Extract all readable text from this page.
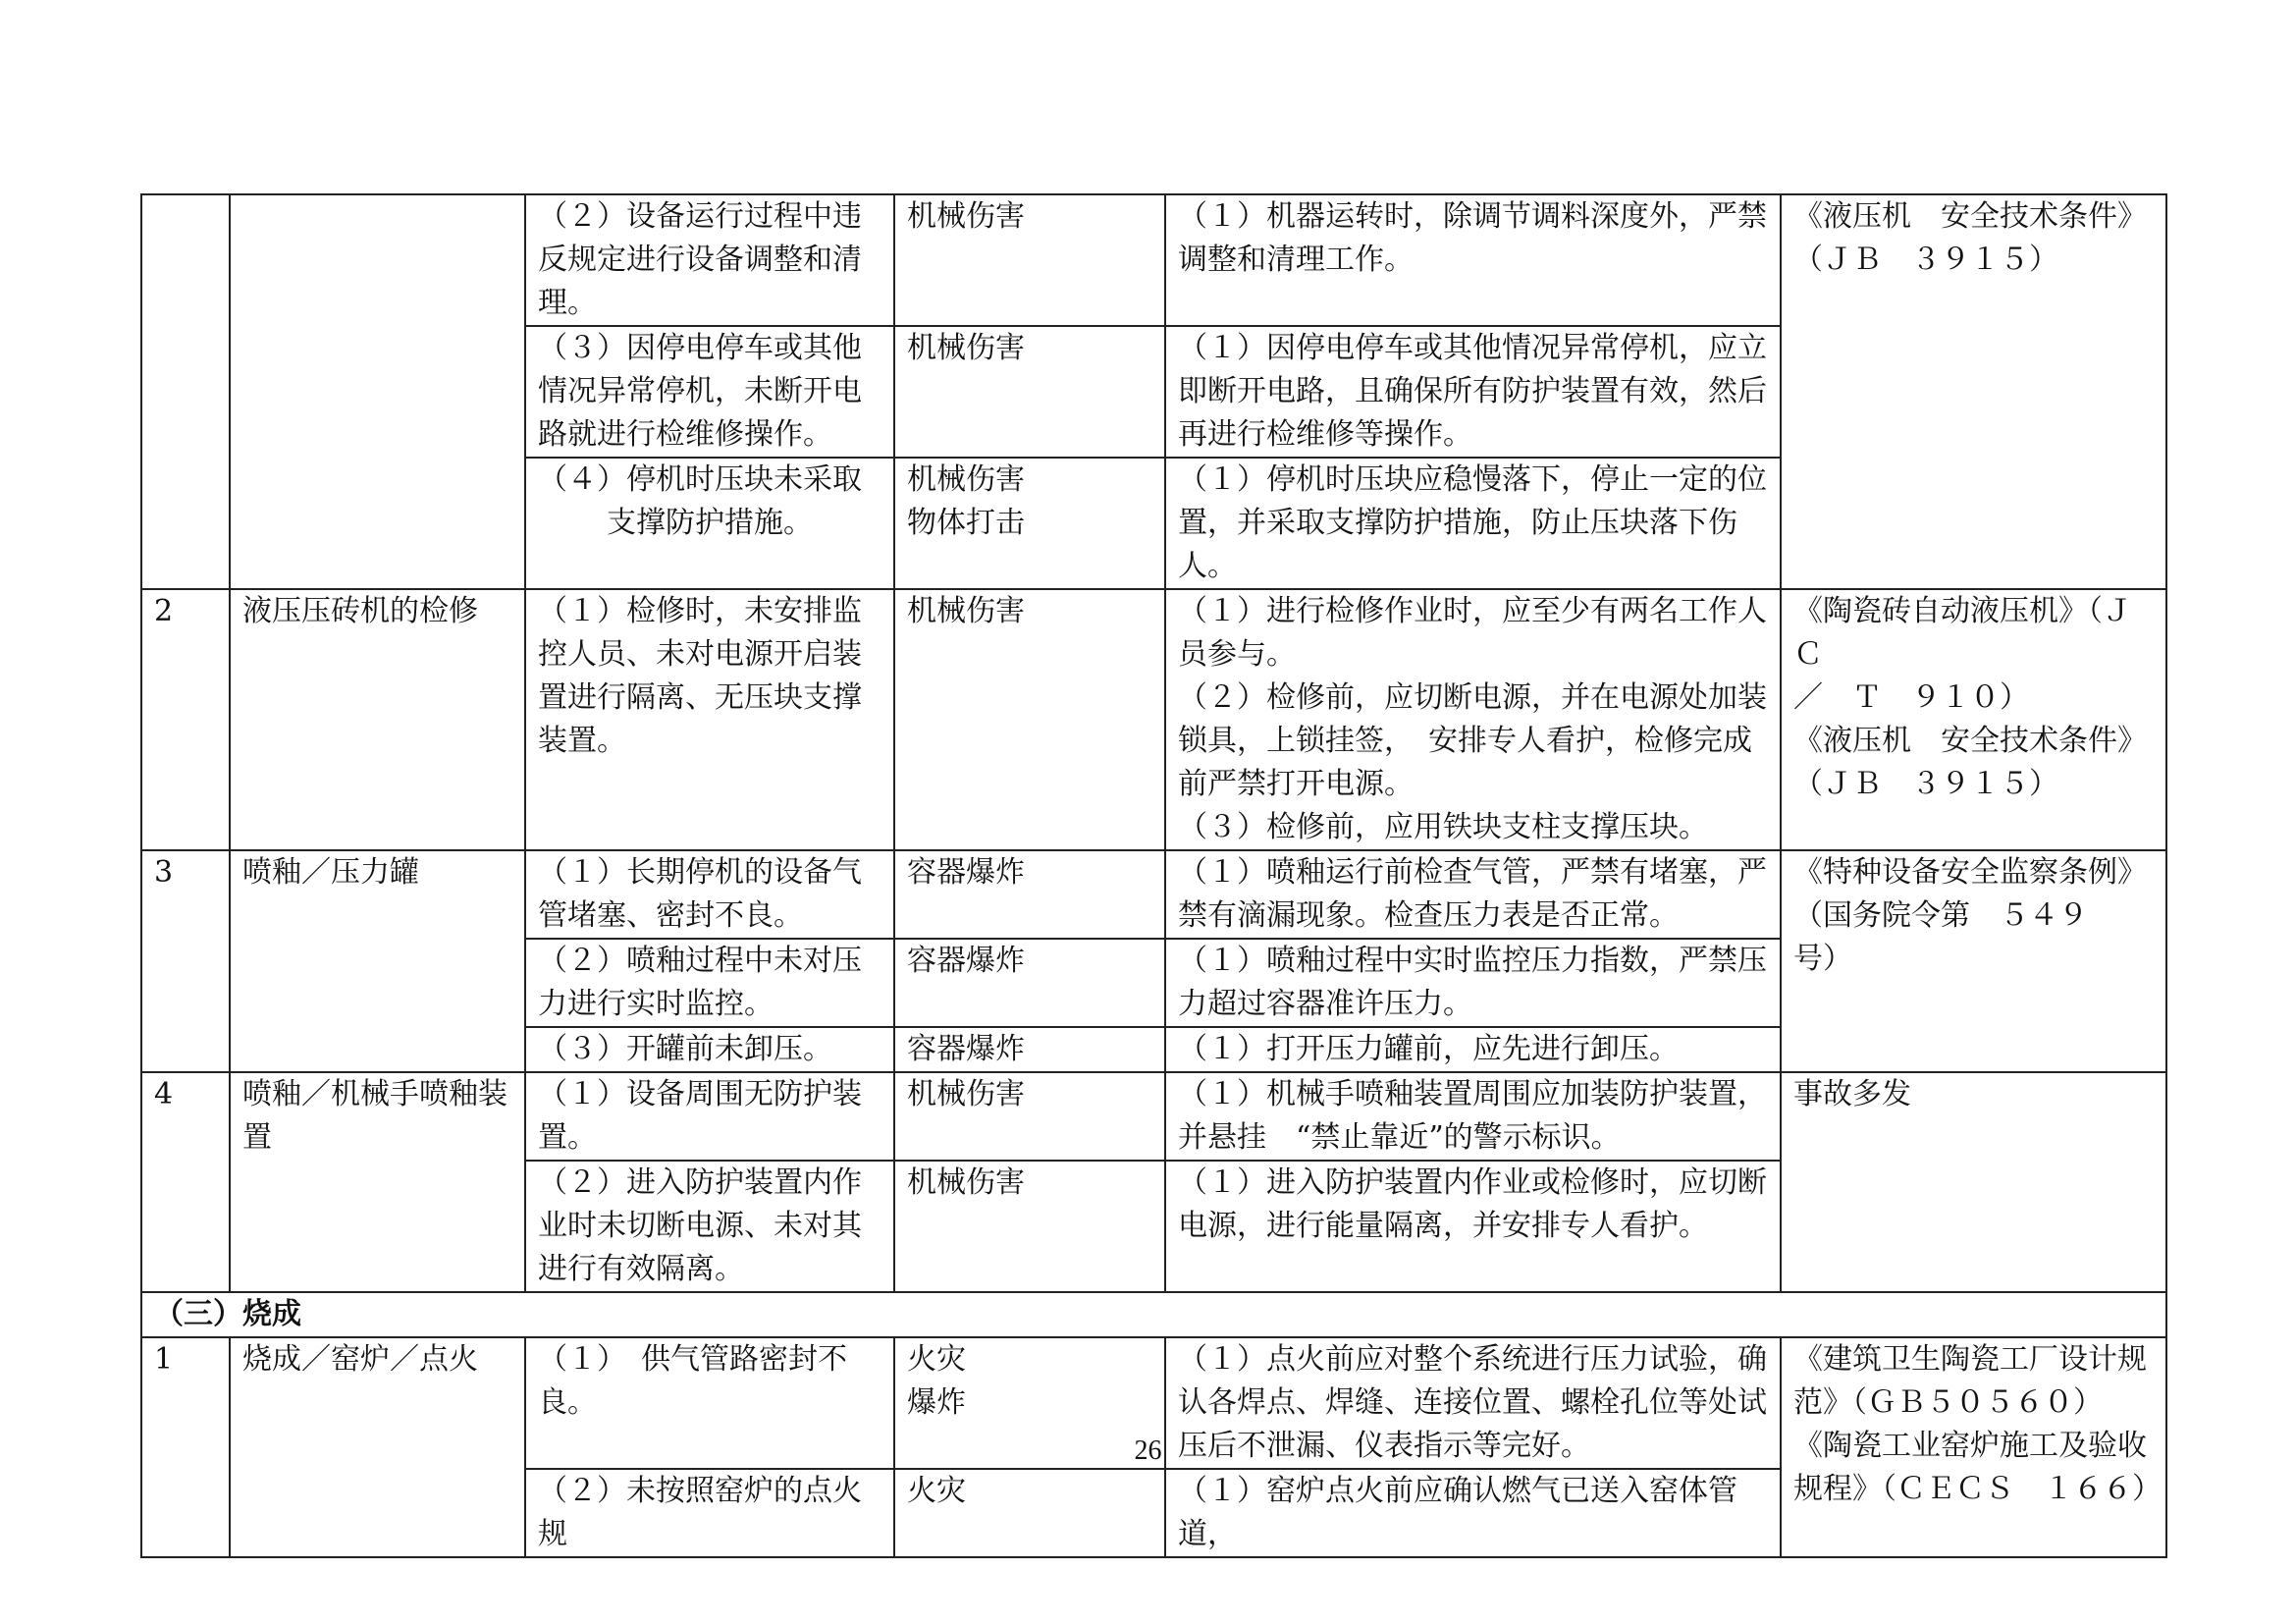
		（２）设备运行过程中违反规定进行设备调整和清理。	机械伤害	（１）机器运转时，除调节调料深度外，严禁调整和清理工作。	《液压机　安全技术条件》
（ＪＢ　３９１５）

		（３）因停电停车或其他情况异常停机，未断开电路就进行检维修操作。	机械伤害	（１）因停电停车或其他情况异常停机，应立即断开电路，且确保所有防护装置有效，然后再进行检维修等操作。	

		（４）停机时压块未采取
支撑防护措施。	机械伤害
物体打击	（１）停机时压块应稳慢落下，停止一定的位置，并采取支撑防护措施，防止压块落下伤人。	
2	液压压砖机的检修	（１）检修时，未安排监控人员、未对电源开启装置进行隔离、无压块支撑装置。	机械伤害	（１）进行检修作业时，应至少有两名工作人员参与。
（２）检修前，应切断电源，并在电源处加装锁具，上锁挂签，　安排专人看护，检修完成前严禁打开电源。
（３）检修前，应用铁块支柱支撑压块。	《陶瓷砖自动液压机》（ＪＣ
／　Ｔ　９１０）
《液压机　安全技术条件》
（ＪＢ　３９１５）

3	喷釉／压力罐	（１）长期停机的设备气管堵塞、密封不良。	容器爆炸	（１）喷釉运行前检查气管，严禁有堵塞，严禁有滴漏现象。检查压力表是否正常。	《特种设备安全监察条例》
（国务院令第　５４９　号）

		（２）喷釉过程中未对压力进行实时监控。	容器爆炸	（１）喷釉过程中实时监控压力指数，严禁压力超过容器准许压力。	
		（３）开罐前未卸压。	容器爆炸	（１）打开压力罐前，应先进行卸压。	
4	喷釉／机械手喷釉装置	（１）设备周围无防护装置。	机械伤害	（１）机械手喷釉装置周围应加装防护装置，并悬挂　“禁止靠近”的警示标识。	事故多发
		（２）进入防护装置内作业时未切断电源、未对其进行有效隔离。	机械伤害	（１）进入防护装置内作业或检修时，应切断电源，进行能量隔离，并安排专人看护。	
（三）烧成					
1	烧成／窑炉／点火	（１）　供气管路密封不良。	火灾
爆炸	（１）点火前应对整个系统进行压力试验，确认各焊点、焊缝、连接位置、螺栓孔位等处试压后不泄漏、仪表指示等完好。	《建筑卫生陶瓷工厂设计规范》（ＧＢ５０５６０）
《陶瓷工业窑炉施工及验收规程》（ＣＥＣＳ　１６６）

		（２）未按照窑炉的点火规	火灾	（１）窑炉点火前应确认燃气已送入窑体管道，	
26
